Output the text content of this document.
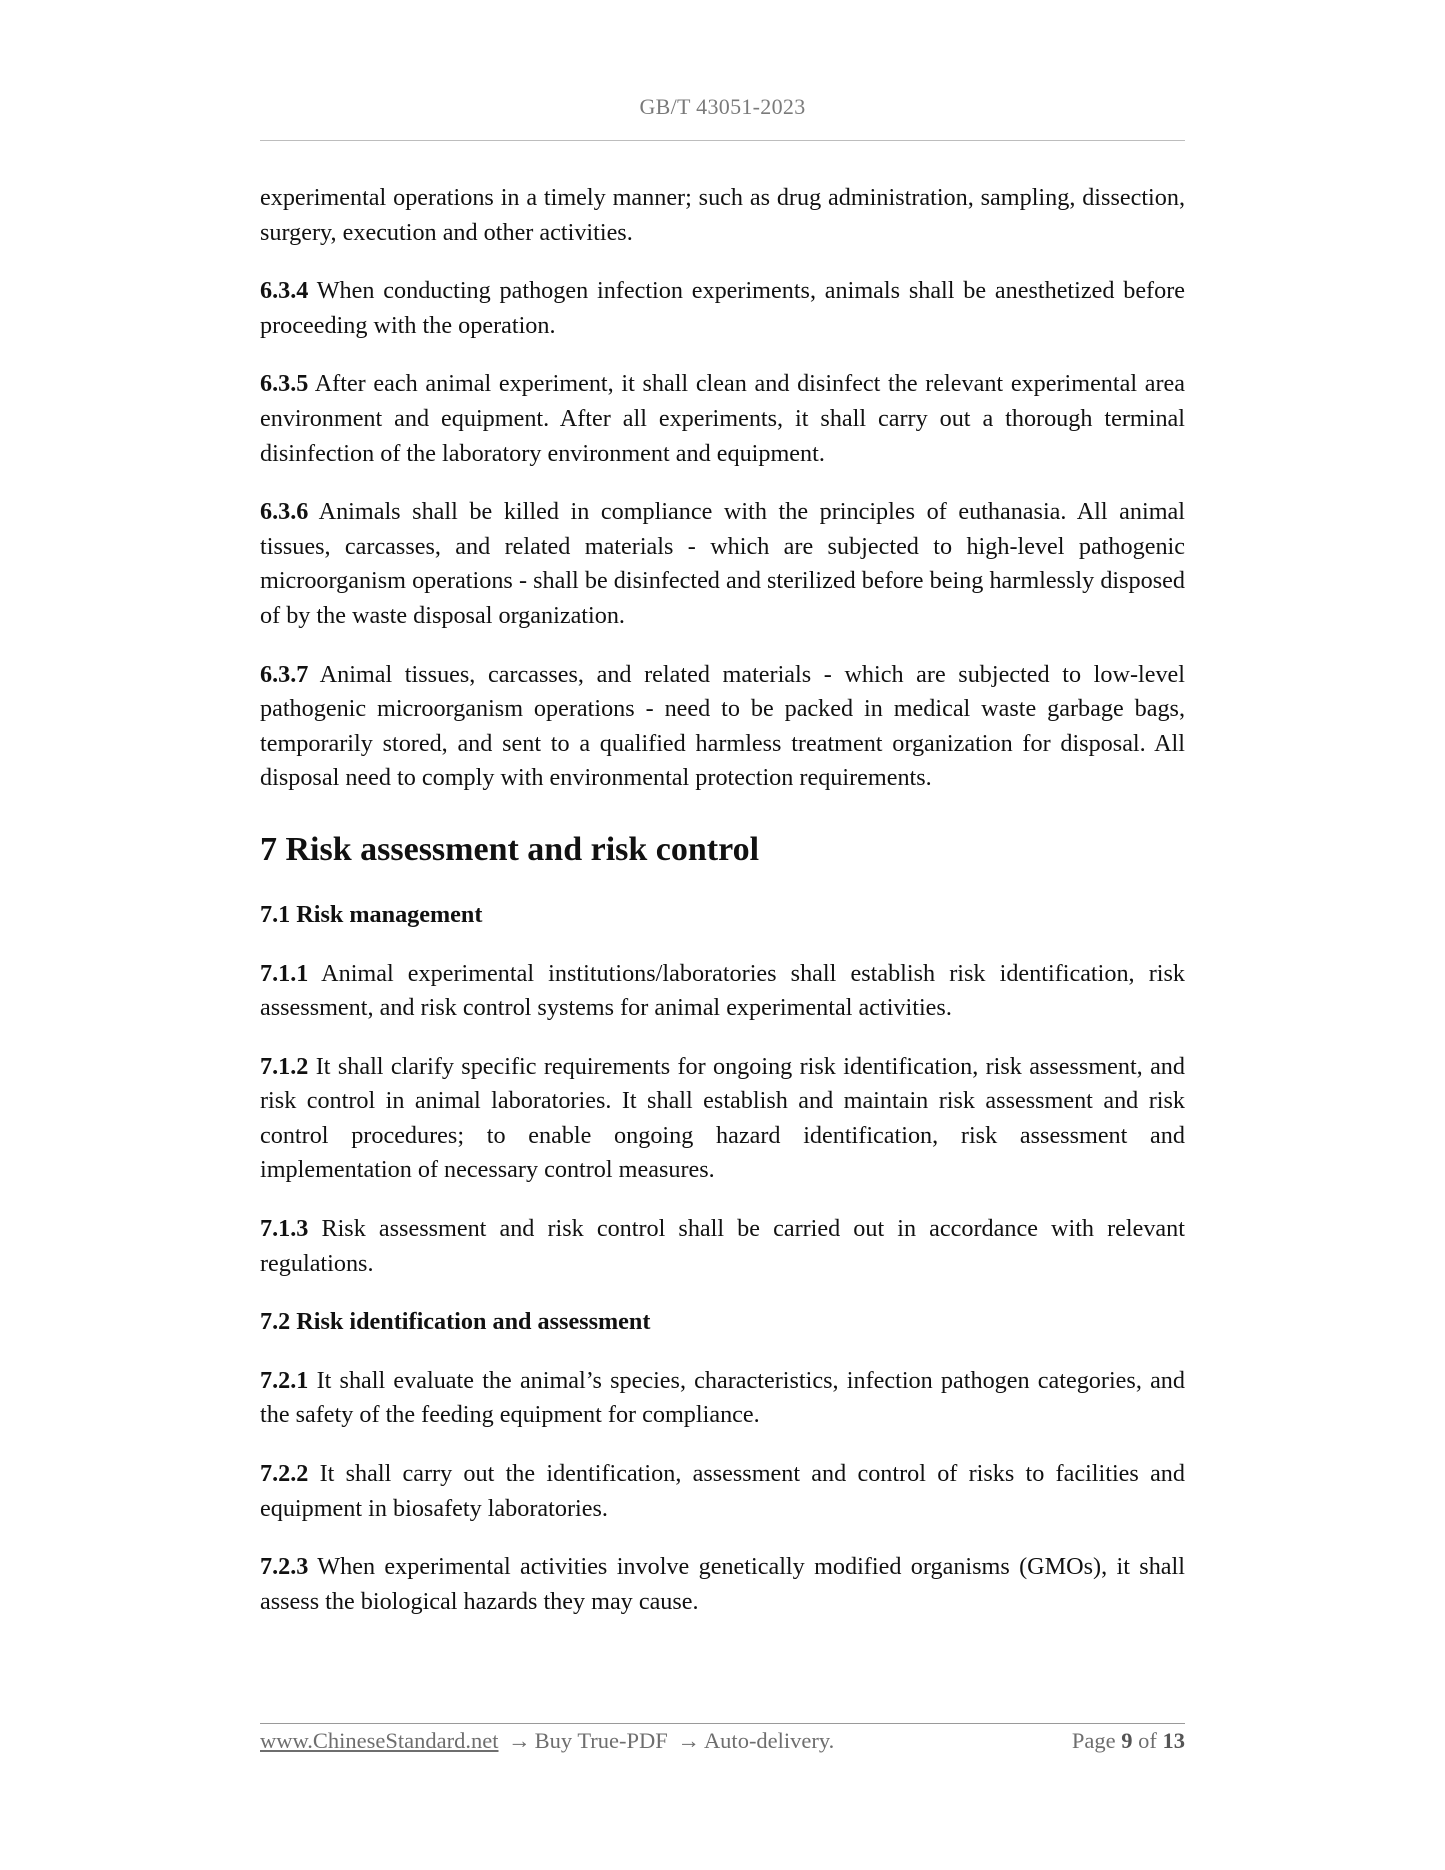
GB/T 43051-2023

experimental operations in a timely manner; such as drug administration, sampling, dissection, surgery, execution and other activities.

6.3.4 When conducting pathogen infection experiments, animals shall be anesthetized before proceeding with the operation.

6.3.5 After each animal experiment, it shall clean and disinfect the relevant experimental area environment and equipment. After all experiments, it shall carry out a thorough terminal disinfection of the laboratory environment and equipment.

6.3.6 Animals shall be killed in compliance with the principles of euthanasia. All animal tissues, carcasses, and related materials - which are subjected to high-level pathogenic microorganism operations - shall be disinfected and sterilized before being harmlessly disposed of by the waste disposal organization.

6.3.7 Animal tissues, carcasses, and related materials - which are subjected to low-level pathogenic microorganism operations - need to be packed in medical waste garbage bags, temporarily stored, and sent to a qualified harmless treatment organization for disposal. All disposal need to comply with environmental protection requirements.

7 Risk assessment and risk control
7.1 Risk management

7.1.1 Animal experimental institutions/laboratories shall establish risk identification, risk assessment, and risk control systems for animal experimental activities.

7.1.2 It shall clarify specific requirements for ongoing risk identification, risk assessment, and risk control in animal laboratories. It shall establish and maintain risk assessment and risk control procedures; to enable ongoing hazard identification, risk assessment and implementation of necessary control measures.

7.1.3 Risk assessment and risk control shall be carried out in accordance with relevant regulations.

7.2 Risk identification and assessment

7.2.1 It shall evaluate the animal’s species, characteristics, infection pathogen categories, and the safety of the feeding equipment for compliance.

7.2.2 It shall carry out the identification, assessment and control of risks to facilities and equipment in biosafety laboratories.

7.2.3 When experimental activities involve genetically modified organisms (GMOs), it shall assess the biological hazards they may cause.

www.ChineseStandard.net → Buy True-PDF → Auto-delivery.	Page 9 of 13
